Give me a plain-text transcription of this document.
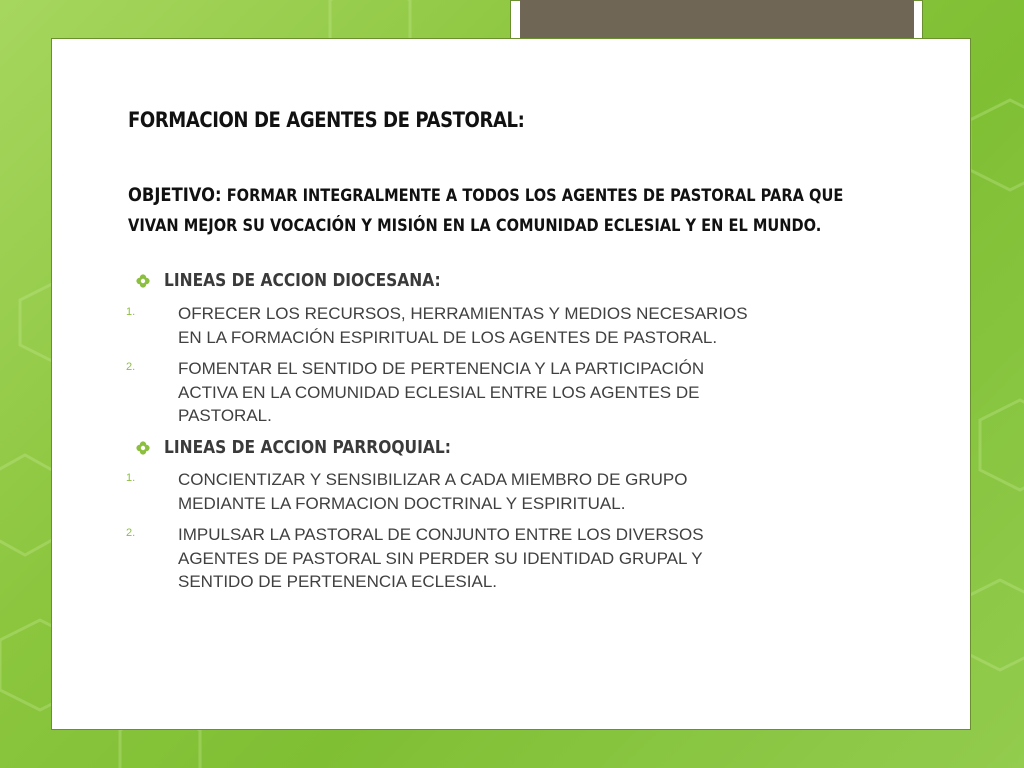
FORMACION DE AGENTES DE PASTORAL:
OBJETIVO: FORMAR INTEGRALMENTE A TODOS LOS AGENTES DE PASTORAL PARA QUE
VIVAN MEJOR SU VOCACIÓN Y MISIÓN EN LA COMUNIDAD ECLESIAL Y EN EL MUNDO.
LINEAS DE ACCION DIOCESANA:
1.	OFRECER LOS RECURSOS, HERRAMIENTAS Y MEDIOS NECESARIOS
EN LA FORMACIÓN ESPIRITUAL DE LOS AGENTES DE PASTORAL.
2.	FOMENTAR EL SENTIDO DE PERTENENCIA Y LA PARTICIPACIÓN
ACTIVA EN LA COMUNIDAD ECLESIAL ENTRE LOS AGENTES DE
PASTORAL.
LINEAS DE ACCION PARROQUIAL:
1.	CONCIENTIZAR Y SENSIBILIZAR A CADA MIEMBRO DE GRUPO
MEDIANTE LA FORMACION DOCTRINAL Y ESPIRITUAL.
2.	IMPULSAR LA PASTORAL DE CONJUNTO ENTRE LOS DIVERSOS
AGENTES DE PASTORAL SIN PERDER SU IDENTIDAD GRUPAL Y
SENTIDO DE PERTENENCIA ECLESIAL.
